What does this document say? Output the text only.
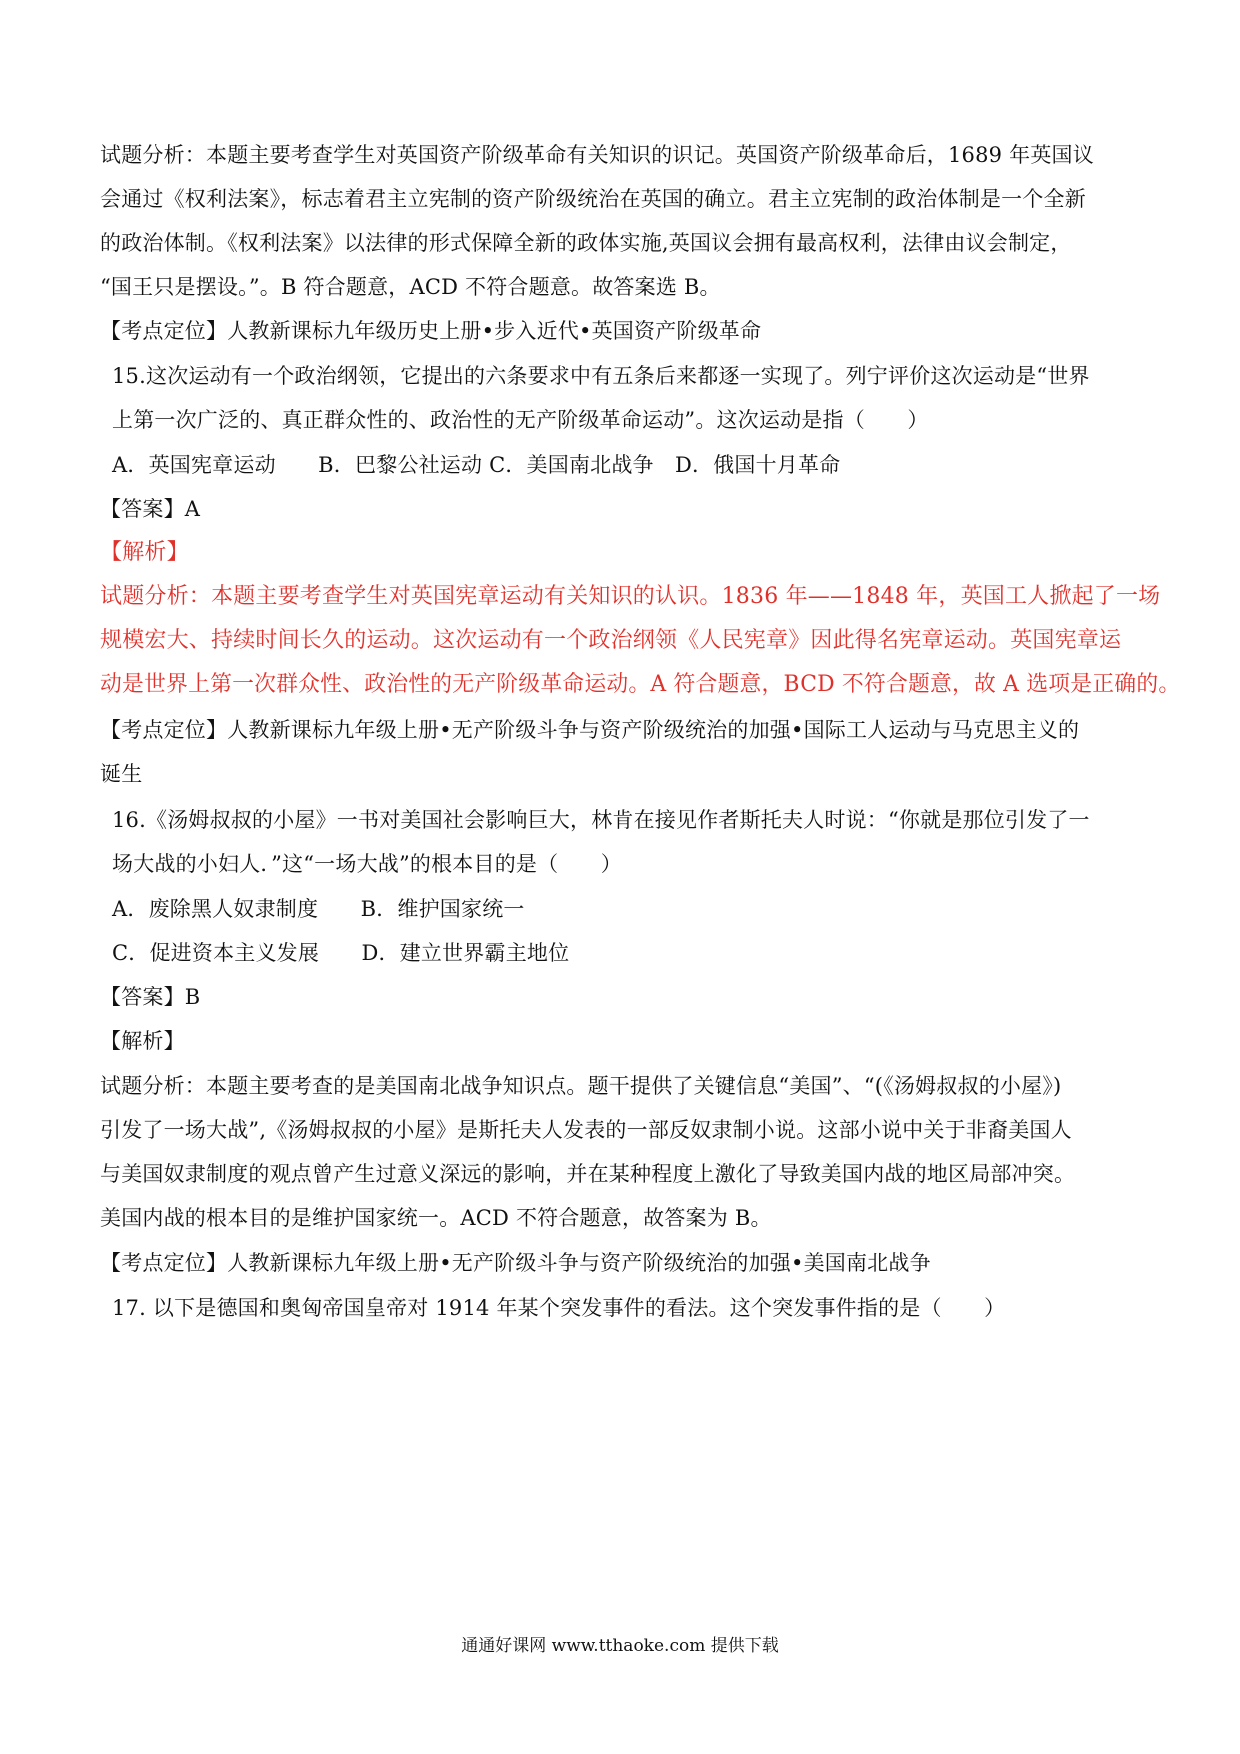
试题分析：本题主要考查学生对英国资产阶级革命有关知识的识记。英国资产阶级革命后，1689 年英国议
会通过《权利法案》，标志着君主立宪制的资产阶级统治在英国的确立。君主立宪制的政治体制是一个全新
的政治体制。《权利法案》以法律的形式保障全新的政体实施,英国议会拥有最高权利，法律由议会制定，
“国王只是摆设。”。B 符合题意，ACD 不符合题意。故答案选 B。
【考点定位】人教新课标九年级历史上册•步入近代•英国资产阶级革命
15.这次运动有一个政治纲领，它提出的六条要求中有五条后来都逐一实现了。列宁评价这次运动是“世界
上第一次广泛的、真正群众性的、政治性的无产阶级革命运动”。这次运动是指（　　）
A．英国宪章运动　　B．巴黎公社运动 C．美国南北战争　D．俄国十月革命
【答案】A
【解析】
试题分析：本题主要考查学生对英国宪章运动有关知识的认识。1836 年——1848 年，英国工人掀起了一场
规模宏大、持续时间长久的运动。这次运动有一个政治纲领《人民宪章》因此得名宪章运动。英国宪章运
动是世界上第一次群众性、政治性的无产阶级革命运动。A 符合题意，BCD 不符合题意，故 A 选项是正确的。
【考点定位】人教新课标九年级上册•无产阶级斗争与资产阶级统治的加强•国际工人运动与马克思主义的
诞生
16.《汤姆叔叔的小屋》一书对美国社会影响巨大，林肯在接见作者斯托夫人时说：“你就是那位引发了一
场大战的小妇人．”这“一场大战”的根本目的是（　　）
A．废除黑人奴隶制度　　B．维护国家统一
C．促进资本主义发展　　D．建立世界霸主地位
【答案】B
【解析】
试题分析：本题主要考查的是美国南北战争知识点。题干提供了关键信息“美国”、“(《汤姆叔叔的小屋》)
引发了一场大战”,《汤姆叔叔的小屋》是斯托夫人发表的一部反奴隶制小说。这部小说中关于非裔美国人
与美国奴隶制度的观点曾产生过意义深远的影响，并在某种程度上激化了导致美国内战的地区局部冲突。
美国内战的根本目的是维护国家统一。ACD 不符合题意，故答案为 B。
【考点定位】人教新课标九年级上册•无产阶级斗争与资产阶级统治的加强•美国南北战争
17. 以下是德国和奥匈帝国皇帝对 1914 年某个突发事件的看法。这个突发事件指的是（　　）
通通好课网 www.tthaoke.com 提供下载
